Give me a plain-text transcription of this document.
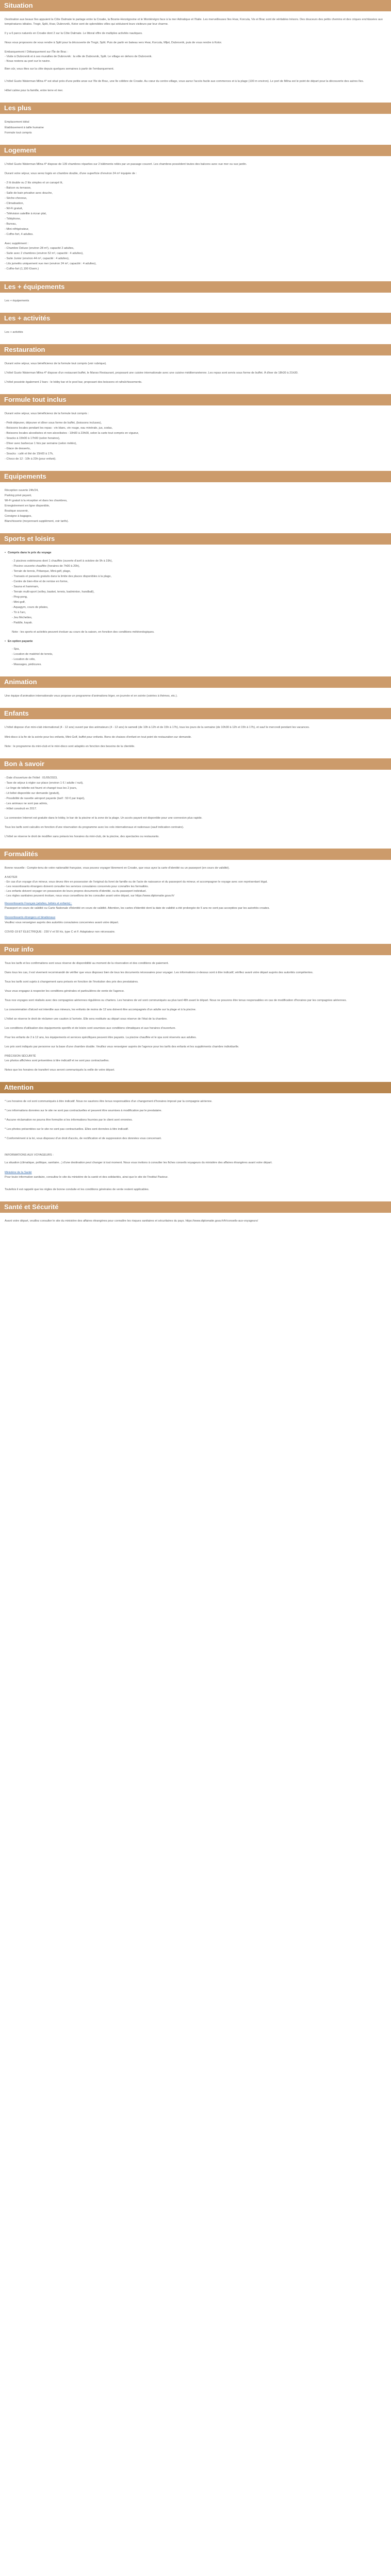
Situation

Destination aux beaux îles appuient la Côte Dalmate le partage entre la Croatie, la Bosnie-Herzégovine et le Monténégro face à la mer Adriatique et l'Italie. Les merveilleuses îles Hvar, Korcula, Vis et Brac sont de véritables trésors. Des douceurs des petits chemins et des criques enchâssées aux températures idéales. Trogir, Split, Hvar, Dubrovnik, Kotor sont de splendides villes qui séduisent leurs visiteurs par leur charme.

Il y a 6 parcs naturels en Croatie dont 2 sur la Côte Dalmate. Le littoral offre de multiples activités nautiques.

Nous vous proposons de vous rendre à Split pour la découverte de Trogir, Split. Puis de partir en bateau vers Hvar, Korcula, Mljet, Dubrovnik, puis de vous rendre à Kotor.

Embarquement / Débarquement sur l'Île de Brac :
- Visite à Dubrovnik et à ses murailles de Dubrovnik : la ville de Dubrovnik, Split. Le village en dehors de Dubrovnik.
- Nous restons au port sur le navire.

Bien sûr, vous êtes sur la côte depuis quelques semaines à partir de l'embarquement.

L'hôtel Gusto Waterman Milna 4* est situé près d'une petite anse sur l'île de Brac, une île célèbre de Croatie. Au cœur du centre-village, vous aurez l'accès facile aux commerces et à la plage (100 m environ). Le port de Milna est le point de départ pour la découverte des autres îles.

Hôtel calme pour la famille, entre terre et mer.

Les plus
Emplacement idéal
Établissement à taille humaine
Formule tout compris
Logement

L'hôtel Gusto Waterman Milna 4* dispose de 139 chambres réparties sur 2 bâtiments reliés par un passage couvert. Les chambres possèdent toutes des balcons avec vue mer ou vue jardin.

Durant votre séjour, vous serez logés en chambre double, d'une superficie d'environ 24 m² équipée de :

- 2 lit double ou 2 lits simples et un canapé lit,
- Balcon ou terrasse,
- Salle de bain privative avec douche,
- Sèche-cheveux,
- Climatisation,
- Wi-Fi gratuit,
- Télévision satellite à écran plat,
- Téléphone,
- Bureau,
- Mini-réfrigérateur,
- Coffre-fort, 4 adultes.
Avec supplément :
- Chambre Deluxe (environ 28 m²), capacité 2 adultes,
- Suite avec 2 chambres (environ 52 m², capacité : 4 adultes),
- Suite Junior (environ 44 m², capacité : 4 adultes),
- Lits jumelés uniquement vue mer (environ 24 m², capacité : 4 adultes),
- Coffre-fort (1,190 €/sem.)
Les + équipements

Les + équipements

Les + activités

Les + activités

Restauration

Durant votre séjour, vous bénéficierez de la formule tout compris (voir rubrique).

L'hôtel Gusto Waterman Milna 4* dispose d'un restaurant buffet, le Manso Restaurant, proposant une cuisine internationale avec une cuisine méditerranéenne. Les repas sont servis sous forme de buffet. À dîner de 18h30 à 21h30.

L'hôtel possède également 2 bars : le lobby bar et le pool bar, proposant des boissons et rafraîchissements.

Formule tout inclus

Durant votre séjour, vous bénéficierez de la formule tout compris :

- Petit-déjeuner, déjeuner et dîner sous forme de buffet, (boissons incluses),
- Boissons locales pendant les repas : vin blanc, vin rouge, eau minérale, jus, sodas,
- Boissons locales alcoolisées et non-alcoolisées : 10h00 à 23h00, selon la carte tout compris en vigueur,
- Snacks à 15h00 à 17h00 (selon horaires),
- Dîner avec barbecue 1 fois par semaine (selon météo),
- Glace de desserts,
- Snacks : café et thé de 15h00 à 17h,
- Choco de 12 : 10h à 23h (pour enfant).
Equipements
Réception ouverte 24h/24,
Parking privé payant,
Wi-Fi gratuit à la réception et dans les chambres,
Enregistrement en ligne disponible,
Boutique souvenir,
Consigne à bagages,
Blanchisserie (moyennant supplément, voir tarifs).
Sports et loisirs
• Compris dans le prix du voyage
- 2 piscines extérieures dont 1 chauffée (ouverte d'avril à octobre de 9h à 19h),
- Piscine couverte chauffée (horaires de 7h00 à 20h),
- Terrain de tennis, Pétanque, Mini-golf, plage,
- Transats et parasols gratuits dans la limite des places disponibles à la plage,
- Centre de bien-être et de remise en forme,
- Sauna et hammam,
- Terrain multi-sport (volley, basket, tennis, badminton, handball),
- Ping-pong,
- Mini-golf,
- Aquagym, cours de pilates,
- Tir à l'arc,
- Jeu fléchettes,
- Paddle, kayak.

Note : les sports et activités peuvent évoluer au cours de la saison, en fonction des conditions météorologiques.

• En option payante
- Spa,
- Location de matériel de tennis,
- Location de vélo,
- Massages, pédicures.
Animation

Une équipe d'animation internationale vous propose un programme d'animations léger, en journée et en soirée (soirées à thèmes, etc.).

Enfants

L'hôtel dispose d'un mini-club international (4 - 12 ans) ouvert par des animateurs (4 - 12 ans) le samedi (de 10h à 12h et de 15h à 17h), tous les jours de la semaine (de 10h30 à 12h et 15h à 17h), et sauf le mercredi pendant les vacances.

Mini-disco à la fin de la soirée pour les enfants, Mini-Golf, buffet pour enfants. Bons de chaises d'enfant en tout point de restauration sur demande.

Note : le programme du mini-club et le mini-disco sont adaptés en fonction des besoins de la clientèle.

Bon à savoir
- Date d'ouverture de l'hôtel : 01/05/2023,
- Taxe de séjour à régler sur place (environ 1 € / adulte / nuit),
- Le linge de toilette est fourni et changé tous les 2 jours,
- Lit bébé disponible sur demande (gratuit),
- Possibilité de navette aéroport payante (tarif : 50 € par trajet),
- Les animaux ne sont pas admis,
- Hôtel construit en 2017.

La connexion Internet est gratuite dans le lobby, le bar de la piscine et la zone de la plage. Un accès payant est disponible pour une connexion plus rapide.

Tous les tarifs sont calculés en fonction d'une réservation du programme avec les vols internationaux et nationaux (sauf indication contraire).

L'hôtel se réserve le droit de modifier sans préavis les horaires du mini-club, de la piscine, des spectacles ou restaurants.

Formalités

Bonne nouvelle : Compte-tenu de votre nationalité française, vous pouvez voyager librement en Croatie, que vous ayez la carte d'identité ou un passeport (en cours de validité).

A NOTER
- En cas d'un voyage d'un mineur, vous devez être en possession de l'original du livret de famille ou de l'acte de naissance et du passeport du mineur, et accompagner le voyage avec son représentant légal.
- Les ressortissants étrangers doivent consulter les services consulaires concernés pour connaître les formalités.
- Les enfants doivent voyager en possession de leurs propres documents d'identité, ou du passeport individuel.
- Les règles sanitaires peuvent évoluer, nous vous conseillons de les consulter avant votre départ, sur https://www.diplomatie.gouv.fr/
Ressortissants Français (adultes, bébés et enfants) :

Passeport en cours de validité ou Carte Nationale d'Identité en cours de validité. Attention, les cartes d'identité dont la date de validité a été prolongée de 5 ans ne sont pas acceptées par les autorités croates.

Ressortissants étrangers et binationaux

Veuillez vous renseigner auprès des autorités consulaires concernées avant votre départ.

COVID-19 ET ÉLECTRIQUE : 230 V et 50 Hz, type C et F. Adaptateur non nécessaire.

Pour info

Tous les tarifs et les confirmations sont sous réserve de disponibilité au moment de la réservation et des conditions de paiement.

Dans tous les cas, il est vivement recommandé de vérifier que vous disposez bien de tous les documents nécessaires pour voyager. Les informations ci-dessus sont à titre indicatif, vérifiez avant votre départ auprès des autorités compétentes.

Tous les tarifs sont sujets à changement sans préavis en fonction de l'évolution des prix des prestataires.

Vous vous engagez à respecter les conditions générales et particulières de vente de l'agence.

Tous nos voyages sont réalisés avec des compagnies aériennes régulières ou charters. Les horaires de vol sont communiqués au plus tard 48h avant le départ. Nous ne pouvons être tenus responsables en cas de modification d'horaires par les compagnies aériennes.

La consommation d'alcool est interdite aux mineurs, les enfants de moins de 12 ans doivent être accompagnés d'un adulte sur la plage et à la piscine.

L'hôtel se réserve le droit de réclamer une caution à l'arrivée. Elle sera restituée au départ sous réserve de l'état de la chambre.

Les conditions d'utilisation des équipements sportifs et de loisirs sont soumises aux conditions climatiques et aux horaires d'ouverture.

Pour les enfants de 2 à 12 ans, les équipements et services spécifiques peuvent être payants. La piscine chauffée et le spa sont réservés aux adultes.

Les prix sont indiqués par personne sur la base d'une chambre double. Veuillez vous renseigner auprès de l'agence pour les tarifs des enfants et les suppléments chambre individuelle.

PRÉCISION SÉCURITÉ

Les photos affichées sont présentées à titre indicatif et ne sont pas contractuelles.

Notez que les horaires de transfert vous seront communiqués la veille de votre départ.

Attention

* Les horaires de vol sont communiqués à titre indicatif. Nous ne saurions être tenus responsables d'un changement d'horaires imposé par la compagnie aérienne.

* Les informations données sur le site ne sont pas contractuelles et peuvent être soumises à modification par le prestataire.

* Aucune réclamation ne pourra être formulée si les informations fournies par le client sont erronées.

* Les photos présentées sur le site ne sont pas contractuelles. Elles sont données à titre indicatif.

* Conformément à la loi, vous disposez d'un droit d'accès, de rectification et de suppression des données vous concernant.

INFORMATIONS AUX VOYAGEURS :

La situation (climatique, politique, sanitaire...) d'une destination peut changer à tout moment. Nous vous invitons à consulter les fiches conseils voyageurs du ministère des affaires étrangères avant votre départ.

Ministère de la Santé

Pour toute information sanitaire, consultez le site du ministère de la santé et des solidarités, ainsi que le site de l'Institut Pasteur.

Toutefois il est rappelé que les règles de bonne conduite et les conditions générales de vente restent applicables.

Santé et Sécurité

Avant votre départ, veuillez consulter le site du ministère des affaires étrangères pour connaître les risques sanitaires et sécuritaires du pays. https://www.diplomatie.gouv.fr/fr/conseils-aux-voyageurs/
